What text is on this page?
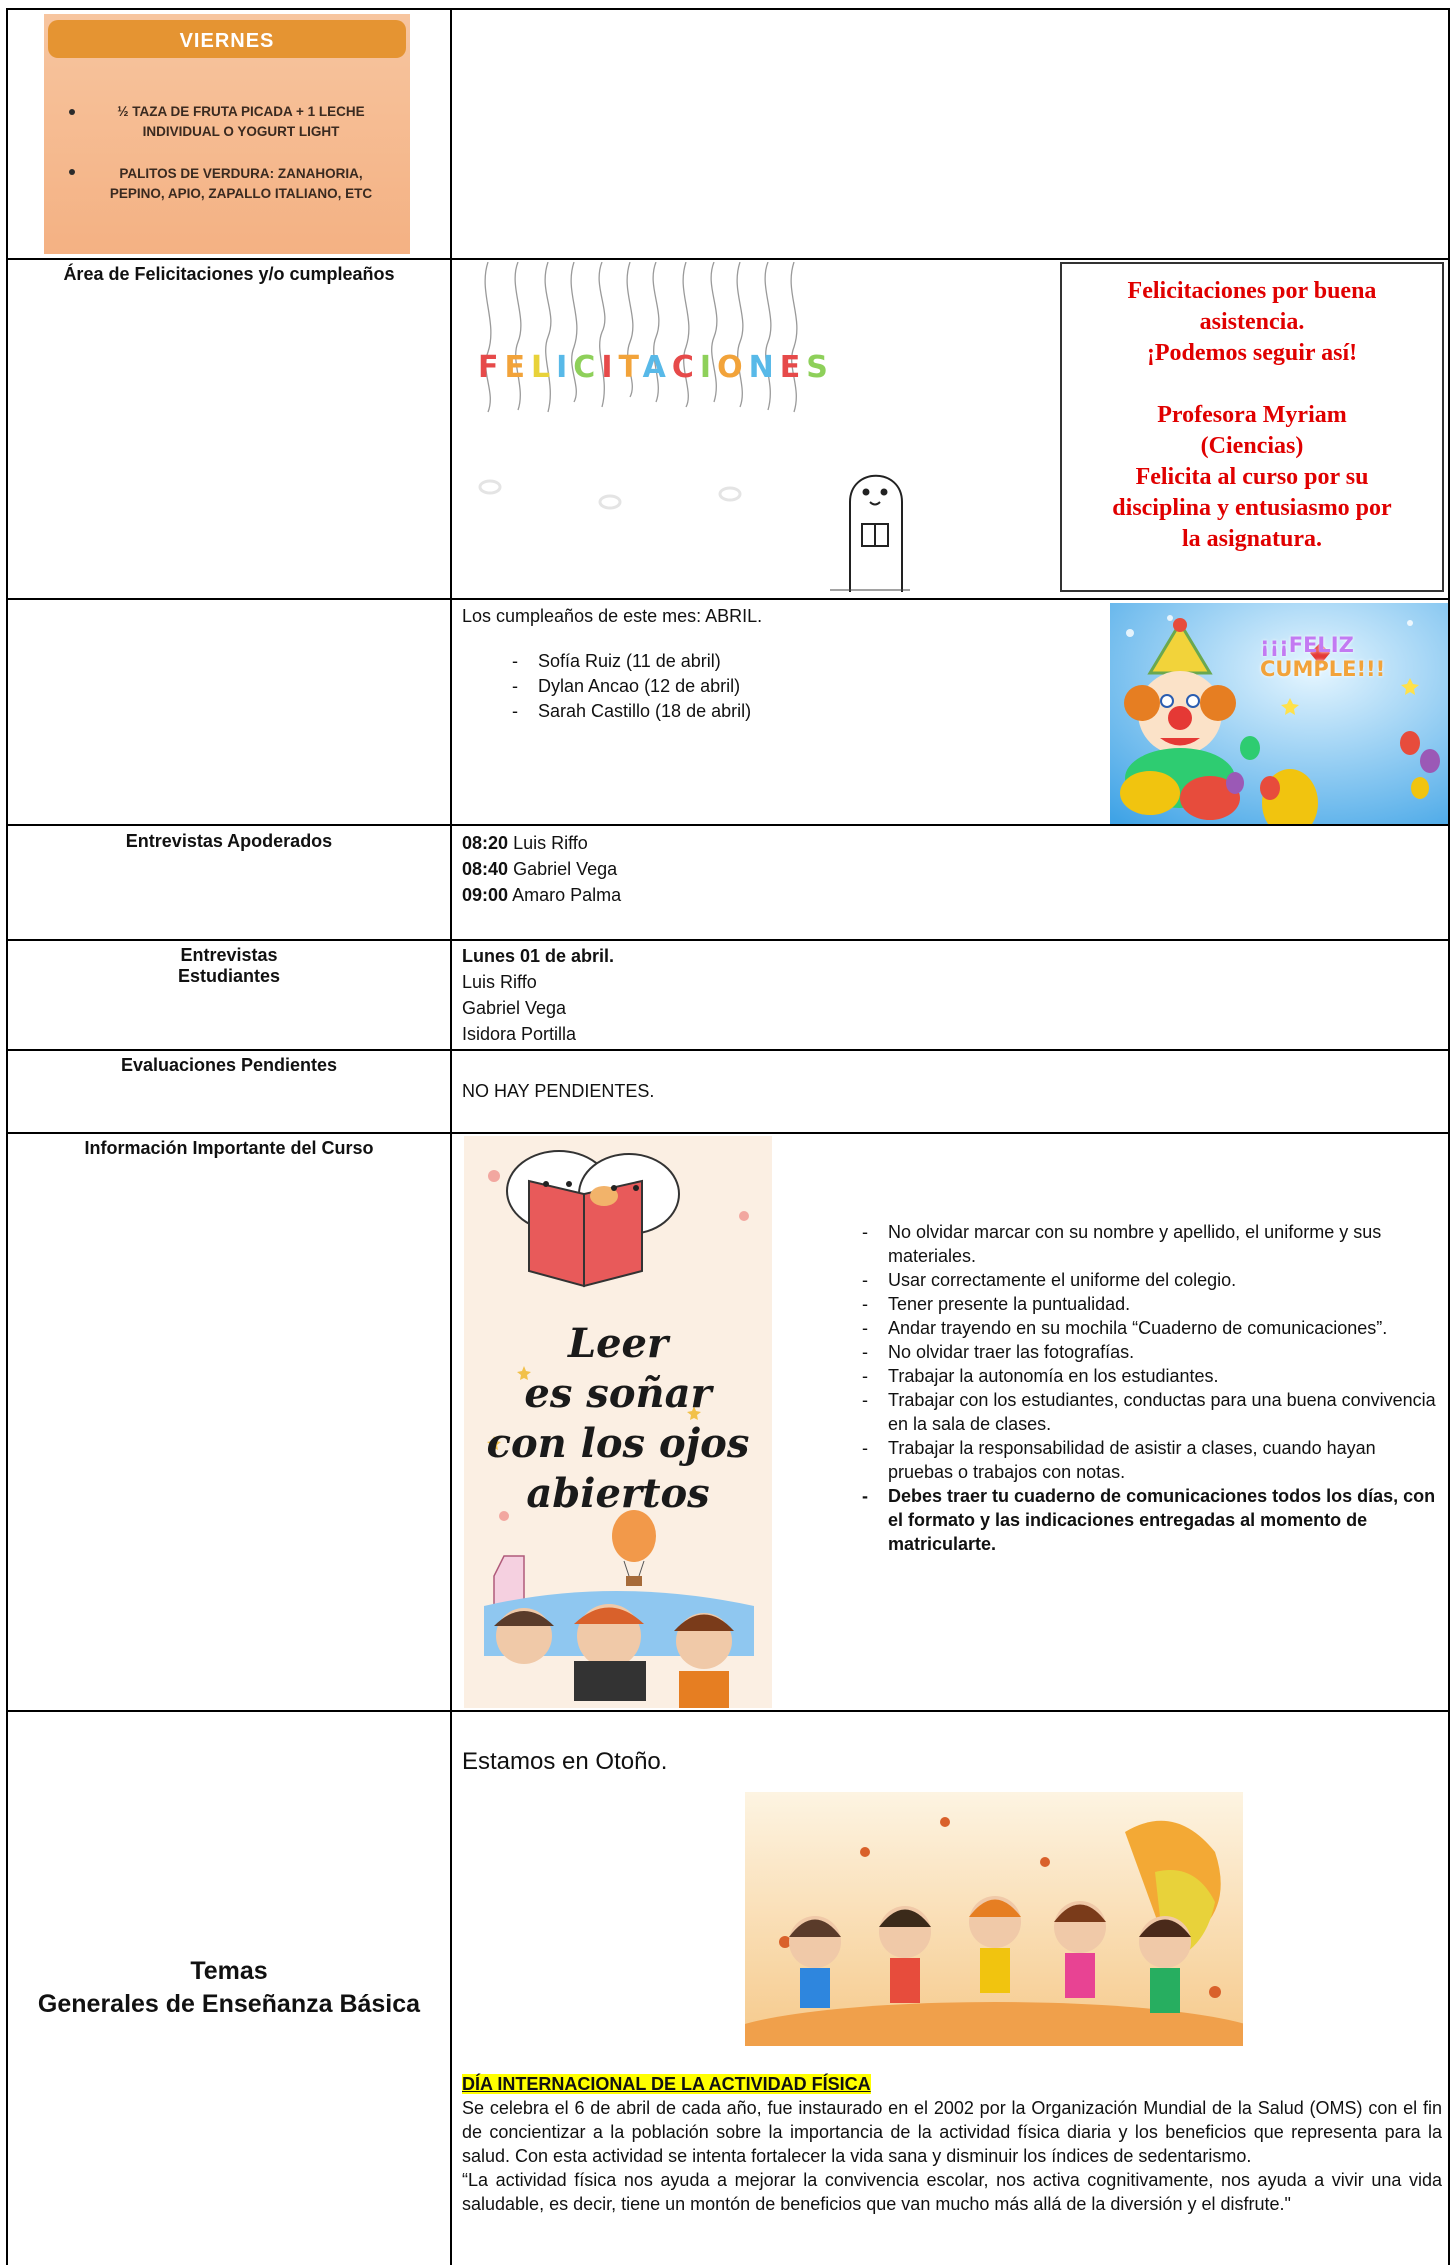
VIERNES
½ TAZA DE FRUTA PICADA + 1 LECHE INDIVIDUAL O YOGURT LIGHT
PALITOS DE VERDURA: ZANAHORIA, PEPINO, APIO, ZAPALLO ITALIANO, ETC
Área de Felicitaciones y/o cumpleaños
FELICITACIONES
Felicitaciones por buena
asistencia.
¡Podemos seguir así!
Profesora Myriam
(Ciencias)
Felicita al curso por su
disciplina y entusiasmo por
la asignatura.
Los cumpleaños de este mes: ABRIL.
- Sofía Ruiz (11 de abril)
- Dylan Ancao (12 de abril)
- Sarah Castillo (18 de abril)
¡¡¡FELIZ
CUMPLE!!!
Entrevistas Apoderados	08:20 Luis Riffo
08:40 Gabriel Vega
09:00 Amaro Palma
Entrevistas
Estudiantes
Lunes 01 de abril.
Luis Riffo
Gabriel Vega
Isidora Portilla
Evaluaciones Pendientes
NO HAY PENDIENTES.
Información Importante del Curso
Leer
es soñar
con los ojos
abiertos
- No olvidar marcar con su nombre y apellido, el uniforme y sus materiales.
- Usar correctamente el uniforme del colegio.
- Tener presente la puntualidad.
- Andar trayendo en su mochila “Cuaderno de comunicaciones”.
- No olvidar traer las fotografías.
- Trabajar la autonomía en los estudiantes.
- Trabajar con los estudiantes, conductas para una buena convivencia en la sala de clases.
- Trabajar la responsabilidad de asistir a clases, cuando hayan pruebas o trabajos con notas.
- Debes traer tu cuaderno de comunicaciones todos los días, con el formato y las indicaciones entregadas al momento de matricularte.
Temas
Generales de Enseñanza Básica
Estamos en Otoño.
DÍA INTERNACIONAL DE LA ACTIVIDAD FÍSICA
Se celebra el 6 de abril de cada año, fue instaurado en el 2002 por la Organización Mundial de la Salud (OMS) con el fin de concientizar a la población sobre la importancia de la actividad física diaria y los beneficios que representa para la salud. Con esta actividad se intenta fortalecer la vida sana y disminuir los índices de sedentarismo.
“La actividad física nos ayuda a mejorar la convivencia escolar, nos activa cognitivamente, nos ayuda a vivir una vida saludable, es decir, tiene un montón de beneficios que van mucho más allá de la diversión y el disfrute."
